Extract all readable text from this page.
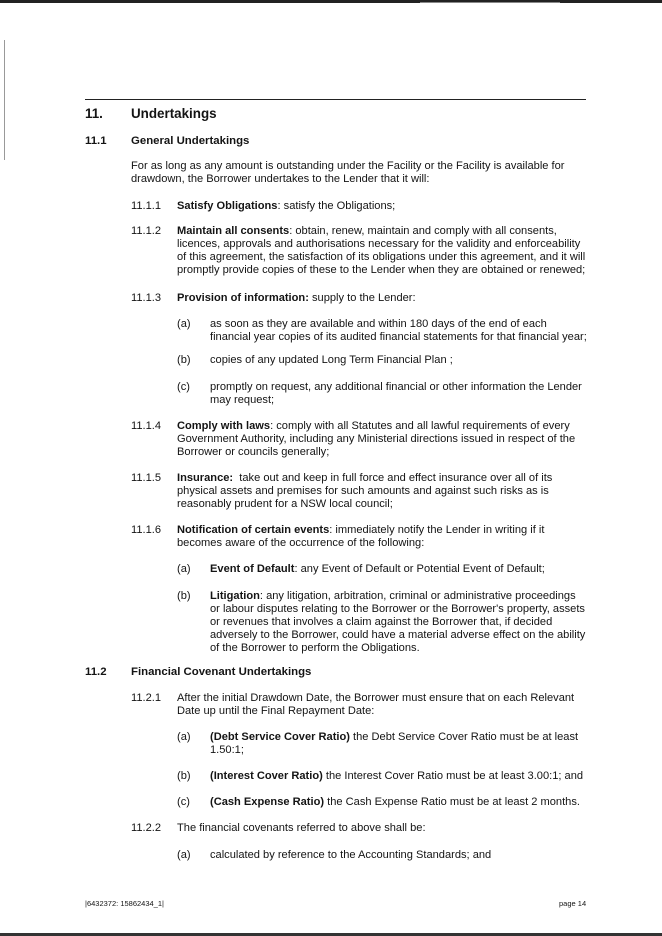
11. Undertakings
11.1 General Undertakings
For as long as any amount is outstanding under the Facility or the Facility is available for
drawdown, the Borrower undertakes to the Lender that it will:
11.1.1 Satisfy Obligations: satisfy the Obligations;
11.1.2 Maintain all consents: obtain, renew, maintain and comply with all consents,
licences, approvals and authorisations necessary for the validity and enforceability
of this agreement, the satisfaction of its obligations under this agreement, and it will
promptly provide copies of these to the Lender when they are obtained or renewed;
11.1.3 Provision of information: supply to the Lender:
(a) as soon as they are available and within 180 days of the end of each
financial year copies of its audited financial statements for that financial year;
(b) copies of any updated Long Term Financial Plan ;
(c) promptly on request, any additional financial or other information the Lender
may request;
11.1.4 Comply with laws: comply with all Statutes and all lawful requirements of every
Government Authority, including any Ministerial directions issued in respect of the
Borrower or councils generally;
11.1.5 Insurance:  take out and keep in full force and effect insurance over all of its
physical assets and premises for such amounts and against such risks as is
reasonably prudent for a NSW local council;
11.1.6 Notification of certain events: immediately notify the Lender in writing if it
becomes aware of the occurrence of the following:
(a) Event of Default: any Event of Default or Potential Event of Default;
(b) Litigation: any litigation, arbitration, criminal or administrative proceedings
or labour disputes relating to the Borrower or the Borrower's property, assets
or revenues that involves a claim against the Borrower that, if decided
adversely to the Borrower, could have a material adverse effect on the ability
of the Borrower to perform the Obligations.
11.2 Financial Covenant Undertakings
11.2.1 After the initial Drawdown Date, the Borrower must ensure that on each Relevant
Date up until the Final Repayment Date:
(a) (Debt Service Cover Ratio) the Debt Service Cover Ratio must be at least
1.50:1;
(b) (Interest Cover Ratio) the Interest Cover Ratio must be at least 3.00:1; and
(c) (Cash Expense Ratio) the Cash Expense Ratio must be at least 2 months.
11.2.2 The financial covenants referred to above shall be:
(a) calculated by reference to the Accounting Standards; and
|6432372: 15862434_1|	page 14
